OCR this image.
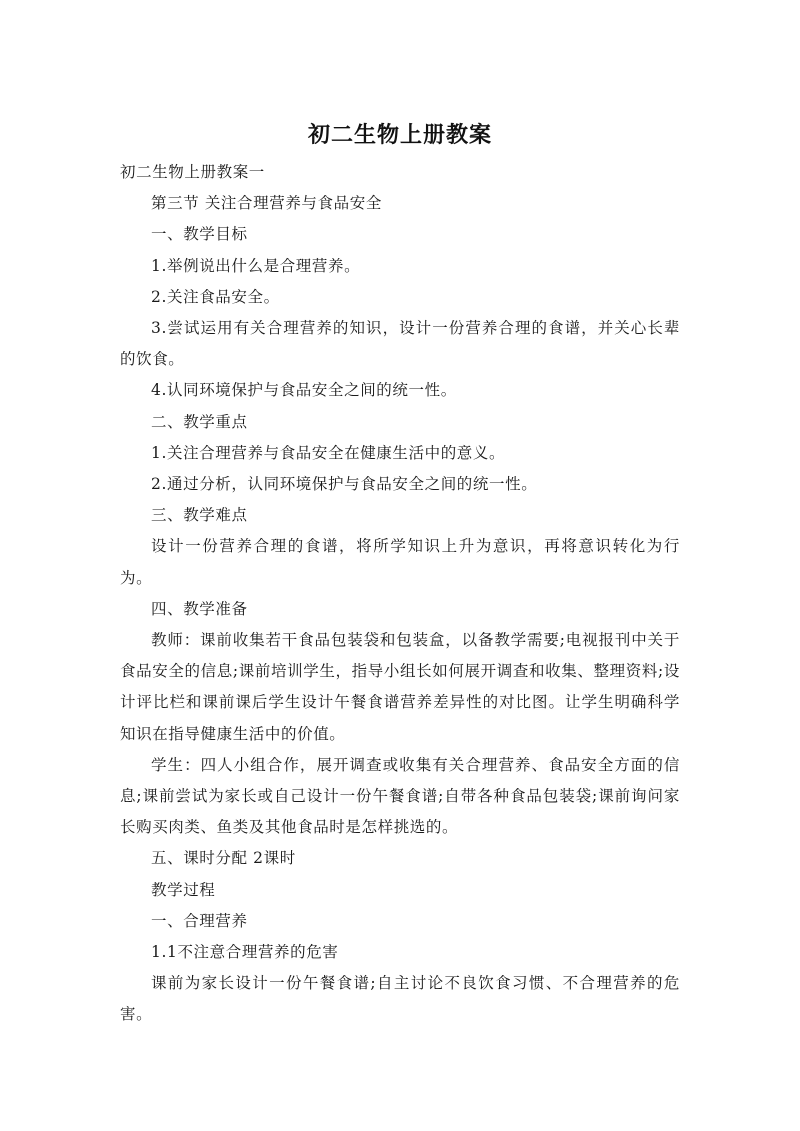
初二生物上册教案

初二生物上册教案一

第三节 关注合理营养与食品安全

一、教学目标

1.举例说出什么是合理营养。

2.关注食品安全。

3.尝试运用有关合理营养的知识，设计一份营养合理的食谱，并关心长辈的饮食。

4.认同环境保护与食品安全之间的统一性。

二、教学重点

1.关注合理营养与食品安全在健康生活中的意义。

2.通过分析，认同环境保护与食品安全之间的统一性。

三、教学难点

设计一份营养合理的食谱，将所学知识上升为意识，再将意识转化为行为。

四、教学准备

教师：课前收集若干食品包装袋和包装盒，以备教学需要;电视报刊中关于食品安全的信息;课前培训学生，指导小组长如何展开调查和收集、整理资料;设计评比栏和课前课后学生设计午餐食谱营养差异性的对比图。让学生明确科学知识在指导健康生活中的价值。

学生：四人小组合作，展开调查或收集有关合理营养、食品安全方面的信息;课前尝试为家长或自己设计一份午餐食谱;自带各种食品包装袋;课前询问家长购买肉类、鱼类及其他食品时是怎样挑选的。

五、课时分配 2课时

教学过程

一、合理营养

1.1不注意合理营养的危害

课前为家长设计一份午餐食谱;自主讨论不良饮食习惯、不合理营养的危害。
